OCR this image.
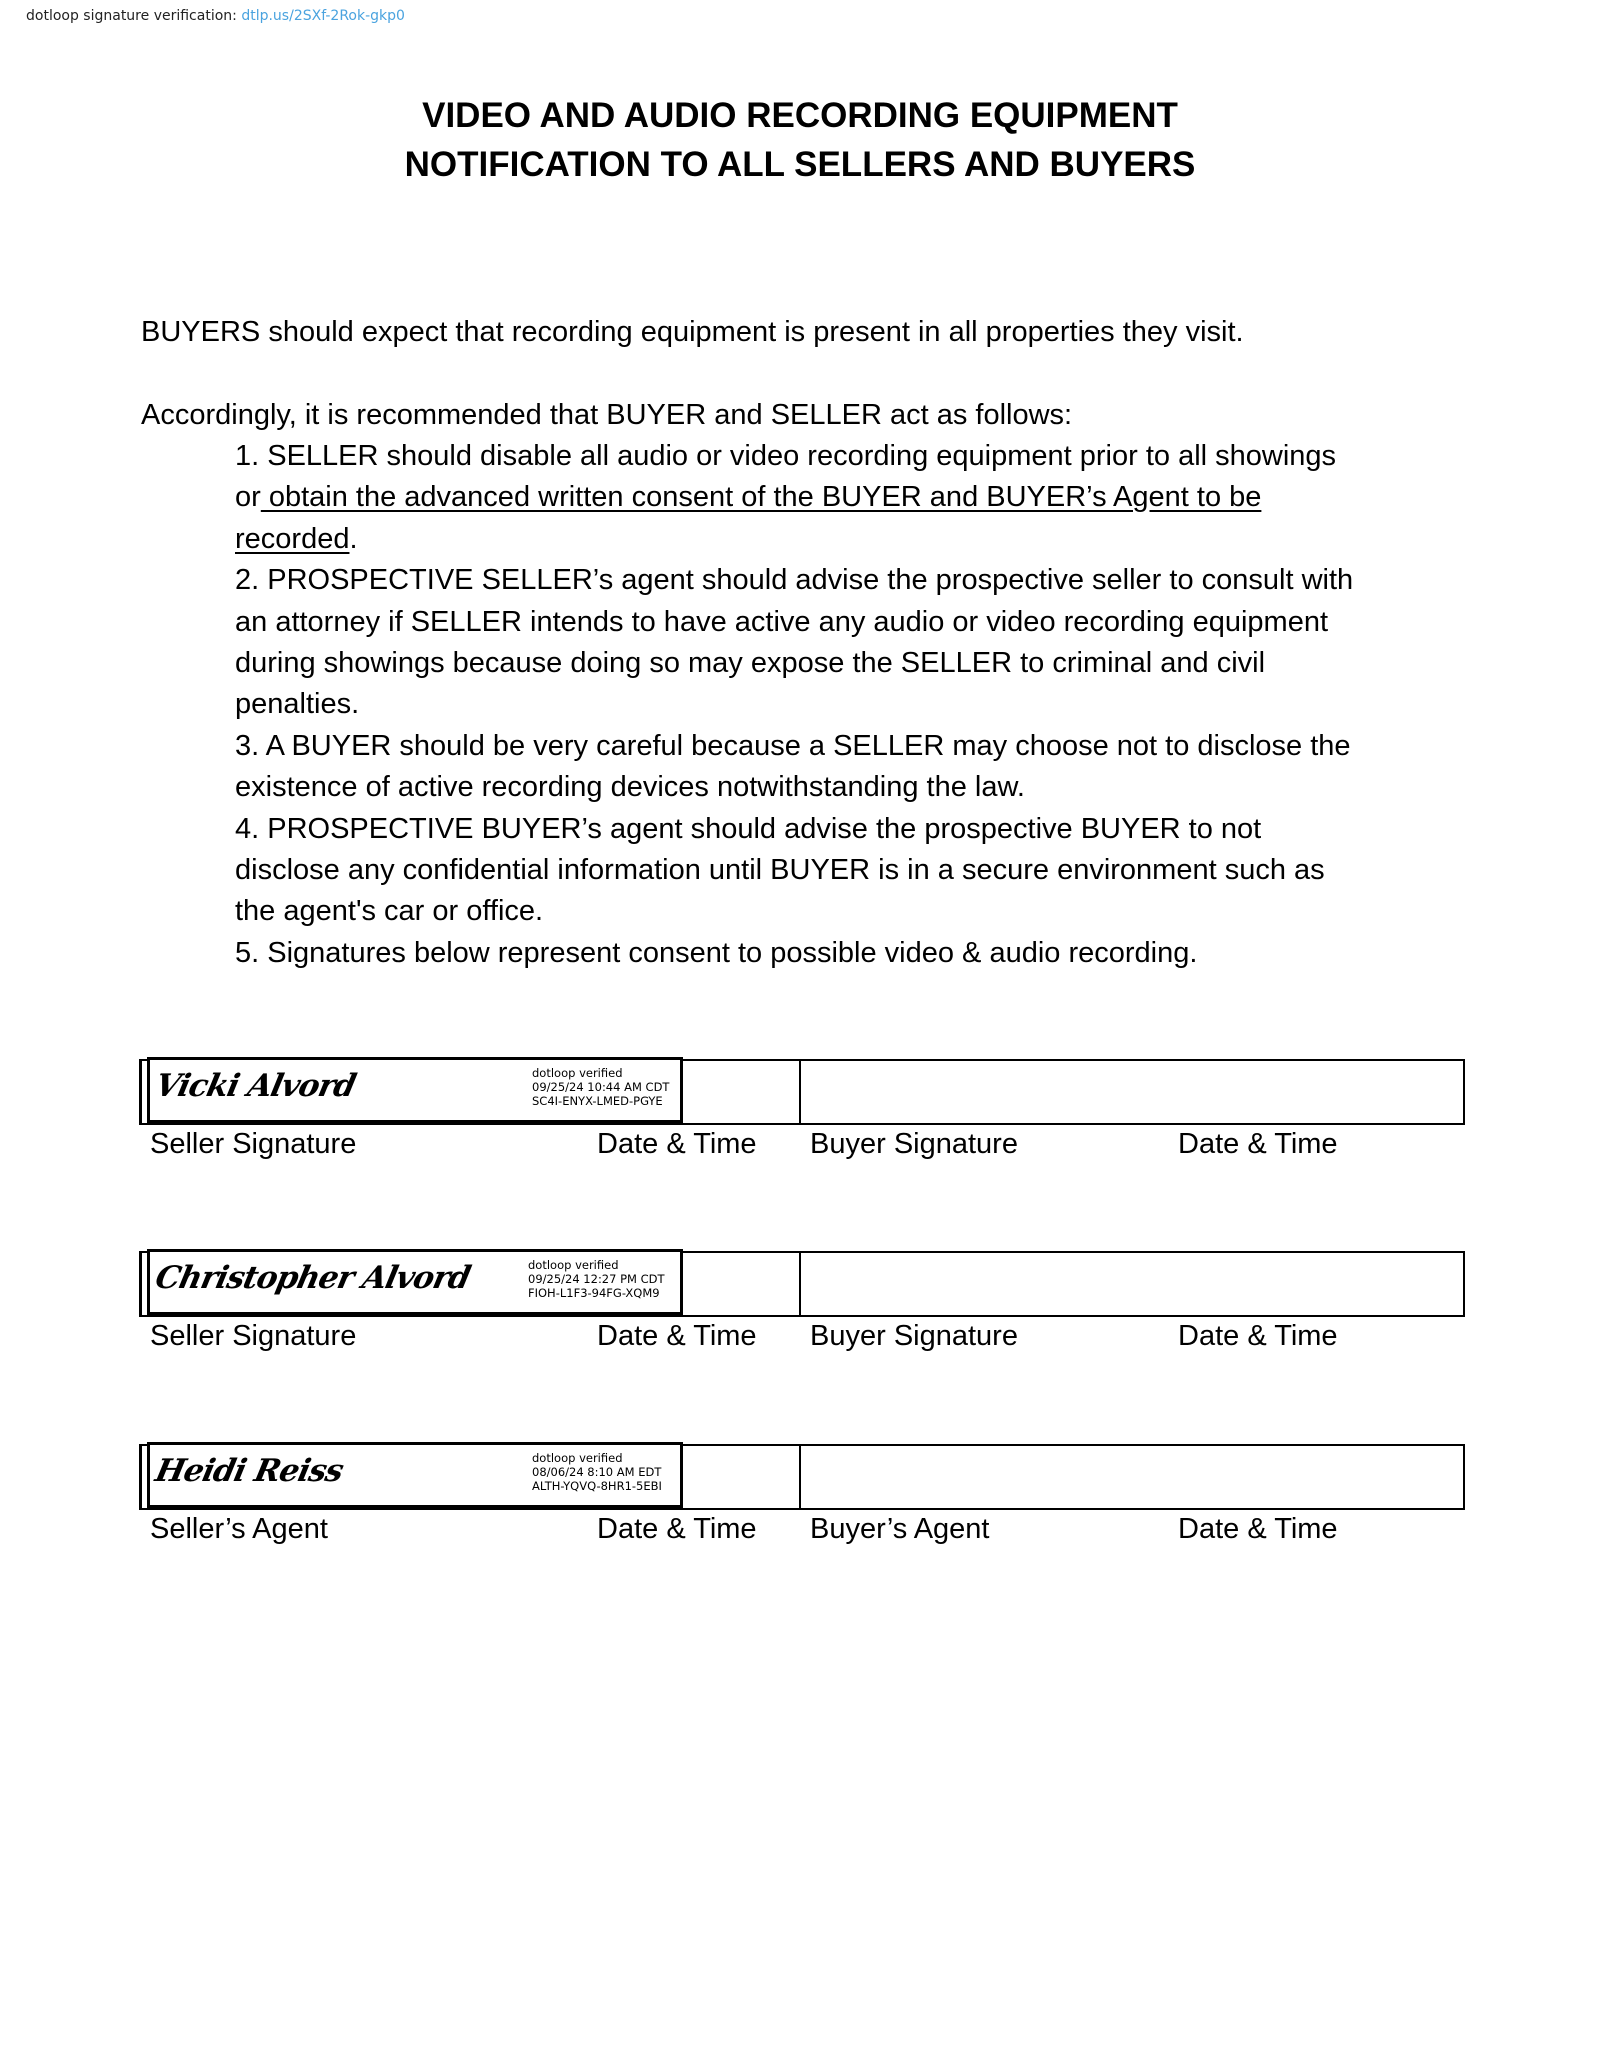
dotloop signature verification: dtlp.us/2SXf-2Rok-gkp0
VIDEO AND AUDIO RECORDING EQUIPMENT
NOTIFICATION TO ALL SELLERS AND BUYERS
BUYERS should expect that recording equipment is present in all properties they visit.
Accordingly, it is recommended that BUYER and SELLER act as follows:
1. SELLER should disable all audio or video recording equipment prior to all showings
or obtain the advanced written consent of the BUYER and BUYER’s Agent to be
recorded.
2. PROSPECTIVE SELLER’s agent should advise the prospective seller to consult with
an attorney if SELLER intends to have active any audio or video recording equipment
during showings because doing so may expose the SELLER to criminal and civil
penalties.
3. A BUYER should be very careful because a SELLER may choose not to disclose the
existence of active recording devices notwithstanding the law.
4. PROSPECTIVE BUYER’s agent should advise the prospective BUYER to not
disclose any confidential information until BUYER is in a secure environment such as
the agent's car or office.
5. Signatures below represent consent to possible video & audio recording.
Vicki Alvord	dotloop verified
09/25/24 10:44 AM CDT
SC4I-ENYX-LMED-PGYE
Seller Signature	Date & Time Buyer Signature	Date & Time
Christopher Alvord	dotloop verified
09/25/24 12:27 PM CDT
FIOH-L1F3-94FG-XQM9
Seller Signature	Date & Time Buyer Signature	Date & Time
Heidi Reiss	dotloop verified
08/06/24 8:10 AM EDT
ALTH-YQVQ-8HR1-5EBI
Seller’s Agent	Date & Time Buyer’s Agent	Date & Time
